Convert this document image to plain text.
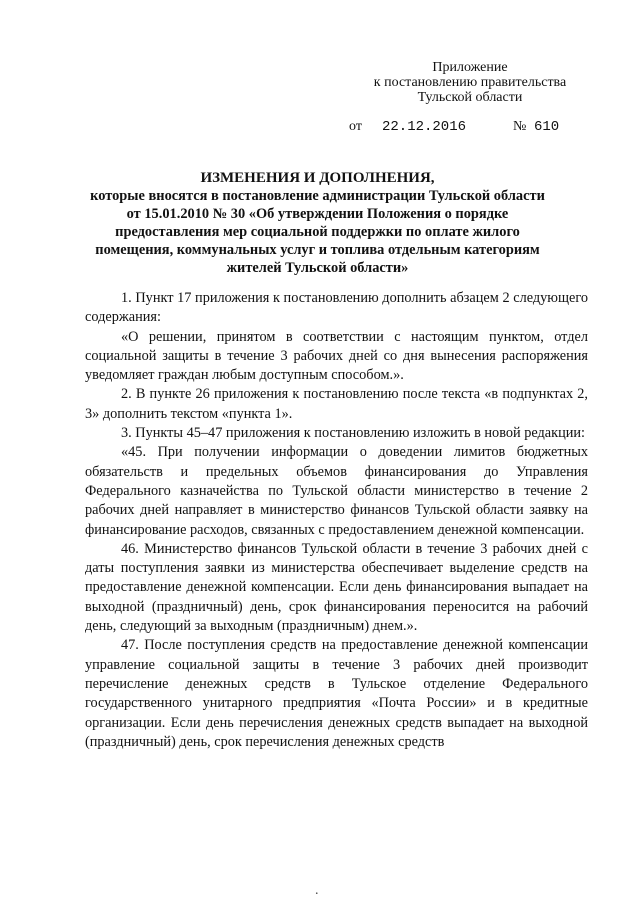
Приложение
к постановлению правительства
Тульской области
от 22.12.2016	№ 610
ИЗМЕНЕНИЯ И ДОПОЛНЕНИЯ,
которые вносятся в постановление администрации Тульской области
от 15.01.2010 № 30 «Об утверждении Положения о порядке
предоставления мер социальной поддержки по оплате жилого
помещения, коммунальных услуг и топлива отдельным категориям
жителей Тульской области»

1. Пункт 17 приложения к постановлению дополнить абзацем 2 следующего содержания:

«О решении, принятом в соответствии с настоящим пунктом, отдел социальной защиты в течение 3 рабочих дней со дня вынесения распоряжения уведомляет граждан любым доступным способом.».

2. В пункте 26 приложения к постановлению после текста «в подпунктах 2, 3» дополнить текстом «пункта 1».

3. Пункты 45–47 приложения к постановлению изложить в новой редакции:

«45. При получении информации о доведении лимитов бюджетных обязательств и предельных объемов финансирования до Управления Федерального казначейства по Тульской области министерство в течение 2 рабочих дней направляет в министерство финансов Тульской области заявку на финансирование расходов, связанных с предоставлением денежной компенсации.

46. Министерство финансов Тульской области в течение 3 рабочих дней с даты поступления заявки из министерства обеспечивает выделение средств на предоставление денежной компенсации. Если день финансирования выпадает на выходной (праздничный) день, срок финансирования переносится на рабочий день, следующий за выходным (праздничным) днем.».

47. После поступления средств на предоставление денежной компенсации управление социальной защиты в течение 3 рабочих дней производит перечисление денежных средств в Тульское отделение Федерального государственного унитарного предприятия «Почта России» и в кредитные организации. Если день перечисления денежных средств выпадает на выходной (праздничный) день, срок перечисления денежных средств

.
